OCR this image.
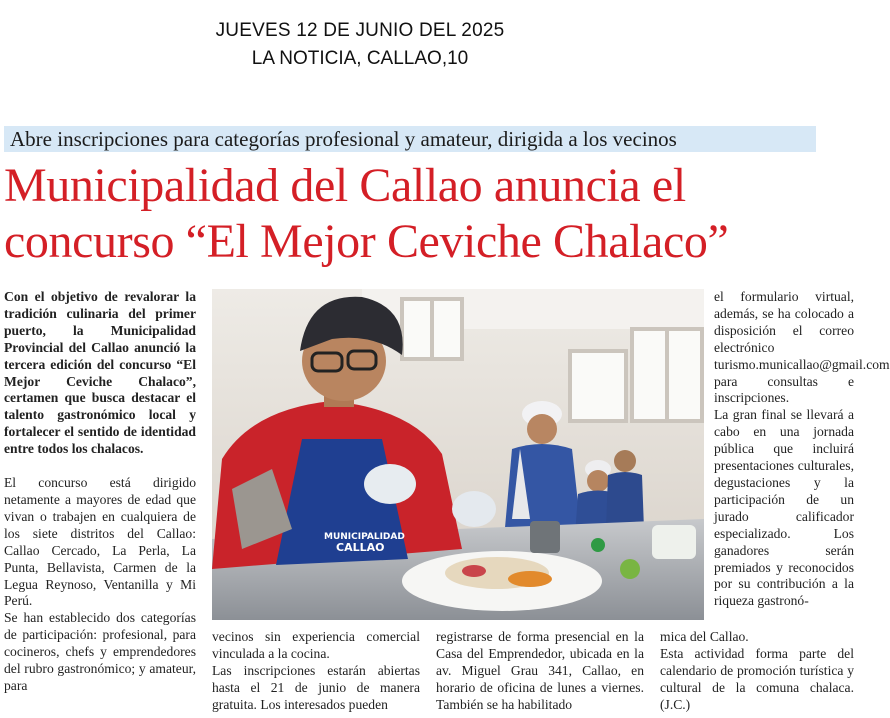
JUEVES 12 DE JUNIO DEL 2025
LA NOTICIA, CALLAO,10
Abre inscripciones para categorías profesional y amateur, dirigida a los vecinos
Municipalidad del Callao anuncia el
concurso “El Mejor Ceviche Chalaco”

Con el objetivo de revalorar la tradición culinaria del primer puerto, la Municipalidad Provincial del Callao anunció la tercera edición del concurso “El Mejor Ceviche Chalaco”, certamen que busca destacar el talento gastronómico local y fortalecer el sentido de identidad entre todos los chalacos.

El concurso está dirigido netamente a mayores de edad que vivan o trabajen en cualquiera de los siete distritos del Callao: Callao Cercado, La Perla, La Punta, Bellavista, Carmen de la Legua Reynoso, Ventanilla y Mi Perú.

Se han establecido dos categorías de participación: profesional, para cocineros, chefs y emprendedores del rubro gastronómico; y amateur, para

MUNICIPALIDAD
CALLAO

vecinos sin experiencia comercial vinculada a la cocina.

Las inscripciones estarán abiertas hasta el 21 de junio de manera gratuita. Los interesados pueden

registrarse de forma presencial en la Casa del Emprendedor, ubicada en la av. Miguel Grau 341, Callao, en horario de oficina de lunes a viernes. También se ha habilitado

el formulario virtual, además, se ha colocado a disposición el correo electrónico turismo.municallao@gmail.com para consultas e inscripciones.

La gran final se llevará a cabo en una jornada pública que incluirá presentaciones culturales, degustaciones y la participación de un jurado calificador especializado. Los ganadores serán premiados y reconocidos por su contribución a la riqueza gastronó-

mica del Callao.

Esta actividad forma parte del calendario de promoción turística y cultural de la comuna chalaca. (J.C.)
